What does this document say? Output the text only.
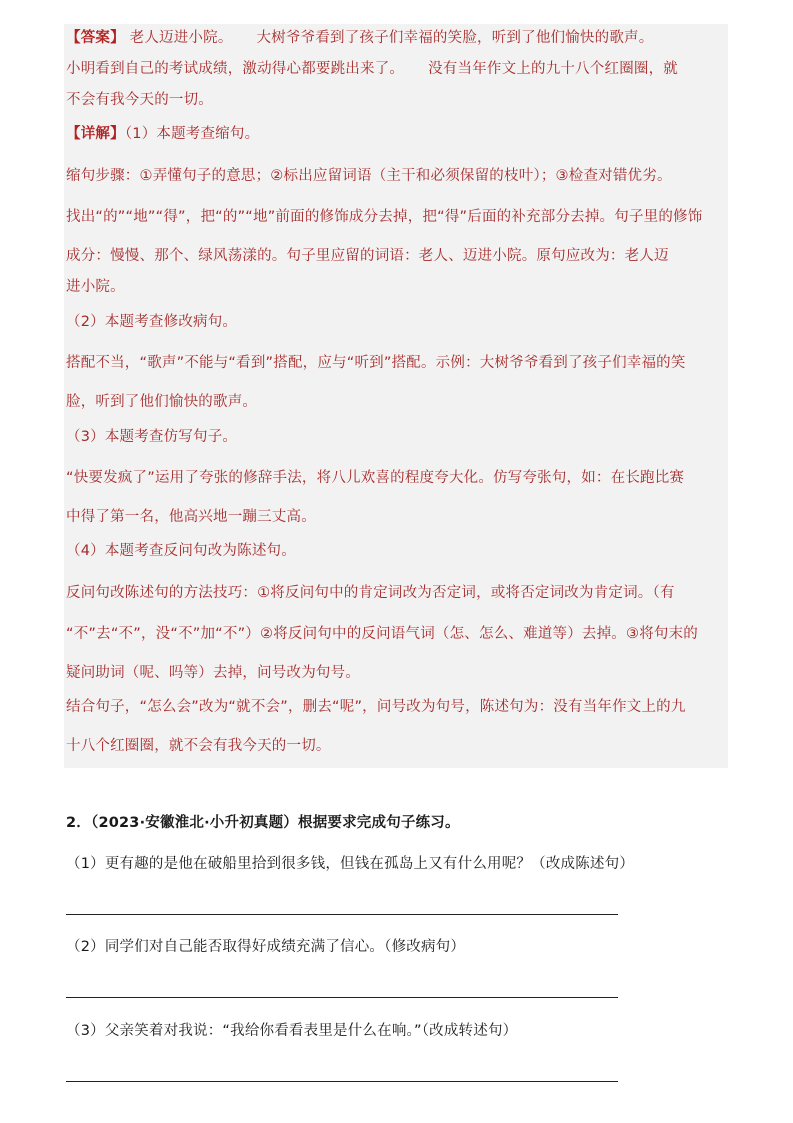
【答案】 老人迈进小院。 大树爷爷看到了孩子们幸福的笑脸，听到了他们愉快的歌声。
小明看到自己的考试成绩，激动得心都要跳出来了。 没有当年作文上的九十八个红圈圈，就
不会有我今天的一切。
【详解】（1）本题考查缩句。
缩句步骤：①弄懂句子的意思；②标出应留词语（主干和必须保留的枝叶）；③检查对错优劣。
找出“的”“地”“得”，把“的”“地”前面的修饰成分去掉，把“得”后面的补充部分去掉。句子里的修饰
成分：慢慢、那个、绿风荡漾的。句子里应留的词语：老人、迈进小院。原句应改为：老人迈
进小院。
（2）本题考查修改病句。
搭配不当，“歌声”不能与“看到”搭配，应与“听到”搭配。示例：大树爷爷看到了孩子们幸福的笑
脸，听到了他们愉快的歌声。
（3）本题考查仿写句子。
“快要发疯了”运用了夸张的修辞手法，将八儿欢喜的程度夸大化。仿写夸张句，如：在长跑比赛
中得了第一名，他高兴地一蹦三丈高。
（4）本题考查反问句改为陈述句。
反问句改陈述句的方法技巧：①将反问句中的肯定词改为否定词，或将否定词改为肯定词。（有
“不”去“不”，没“不”加“不”）②将反问句中的反问语气词（怎、怎么、难道等）去掉。③将句末的
疑问助词（呢、吗等）去掉，问号改为句号。
结合句子，“怎么会”改为“就不会”，删去“呢”，问号改为句号，陈述句为：没有当年作文上的九
十八个红圈圈，就不会有我今天的一切。
2．（2023·安徽淮北·小升初真题）根据要求完成句子练习。
（1）更有趣的是他在破船里拾到很多钱，但钱在孤岛上又有什么用呢？（改成陈述句）
（2）同学们对自己能否取得好成绩充满了信心。（修改病句）
（3）父亲笑着对我说：“我给你看看表里是什么在响。”（改成转述句）
